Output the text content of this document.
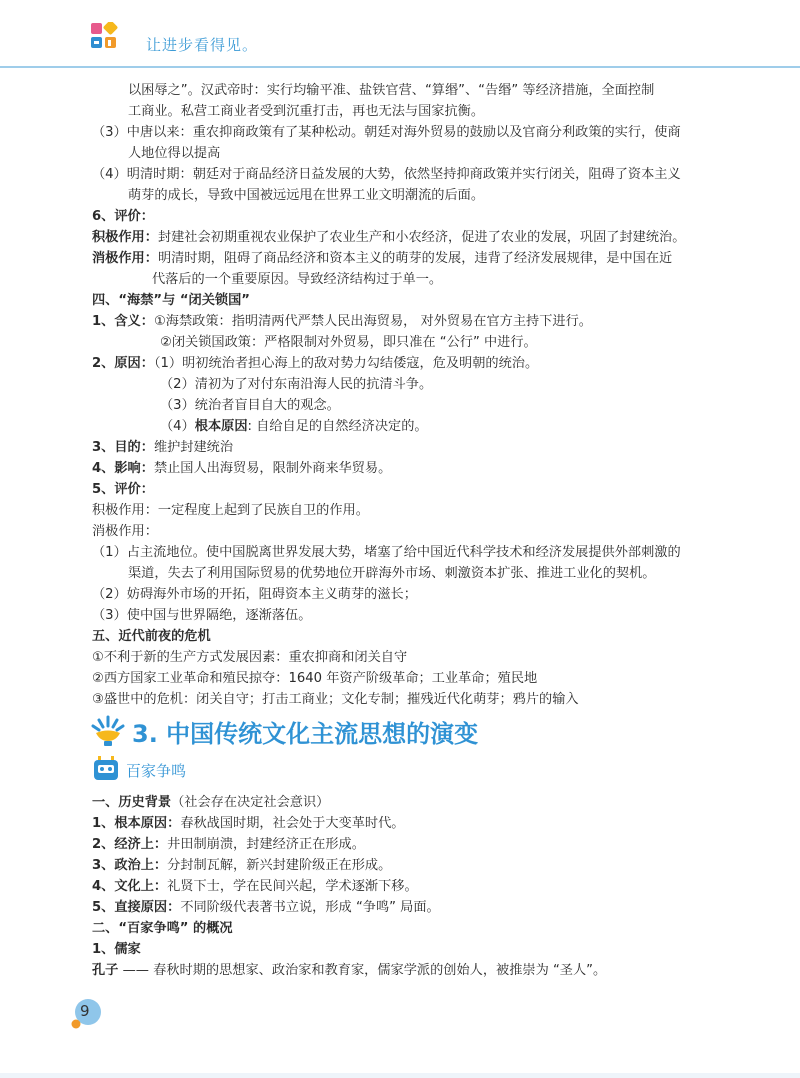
让进步看得见。
以困辱之”。汉武帝时：实行均输平准、盐铁官营、“算缗”、“告缗” 等经济措施，全面控制
工商业。私营工商业者受到沉重打击，再也无法与国家抗衡。
（3）中唐以来：重农抑商政策有了某种松动。朝廷对海外贸易的鼓励以及官商分利政策的实行，使商
人地位得以提高
（4）明清时期：朝廷对于商品经济日益发展的大势，依然坚持抑商政策并实行闭关，阻碍了资本主义
萌芽的成长，导致中国被远远甩在世界工业文明潮流的后面。
6、评价：
积极作用：封建社会初期重视农业保护了农业生产和小农经济，促进了农业的发展，巩固了封建统治。
消极作用：明清时期，阻碍了商品经济和资本主义的萌芽的发展，违背了经济发展规律，是中国在近
代落后的一个重要原因。导致经济结构过于单一。
四、“海禁”与 “闭关锁国”
1、含义：①海禁政策：指明清两代严禁人民出海贸易， 对外贸易在官方主持下进行。
②闭关锁国政策：严格限制对外贸易，即只准在 “公行” 中进行。
2、原因：（1）明初统治者担心海上的敌对势力勾结倭寇，危及明朝的统治。
（2）清初为了对付东南沿海人民的抗清斗争。
（3）统治者盲目自大的观念。
（4）根本原因: 自给自足的自然经济决定的。
3、目的：维护封建统治
4、影响：禁止国人出海贸易，限制外商来华贸易。
5、评价：
积极作用：一定程度上起到了民族自卫的作用。
消极作用：
（1）占主流地位。使中国脱离世界发展大势，堵塞了给中国近代科学技术和经济发展提供外部刺激的
渠道，失去了利用国际贸易的优势地位开辟海外市场、刺激资本扩张、推进工业化的契机。
（2）妨碍海外市场的开拓，阻碍资本主义萌芽的滋长；
（3）使中国与世界隔绝，逐渐落伍。
五、近代前夜的危机
①不利于新的生产方式发展因素：重农抑商和闭关自守
②西方国家工业革命和殖民掠夺：1640 年资产阶级革命；工业革命；殖民地
③盛世中的危机：闭关自守；打击工商业；文化专制；摧残近代化萌芽；鸦片的输入
3. 中国传统文化主流思想的演变
百家争鸣
一、历史背景（社会存在决定社会意识）
1、根本原因：春秋战国时期，社会处于大变革时代。
2、经济上：井田制崩溃，封建经济正在形成。
3、政治上：分封制瓦解，新兴封建阶级正在形成。
4、文化上：礼贤下士，学在民间兴起，学术逐渐下移。
5、直接原因：不同阶级代表著书立说，形成 “争鸣” 局面。
二、“百家争鸣” 的概况
1、儒家
孔子 —— 春秋时期的思想家、政治家和教育家，儒家学派的创始人，被推崇为 “圣人”。
9
